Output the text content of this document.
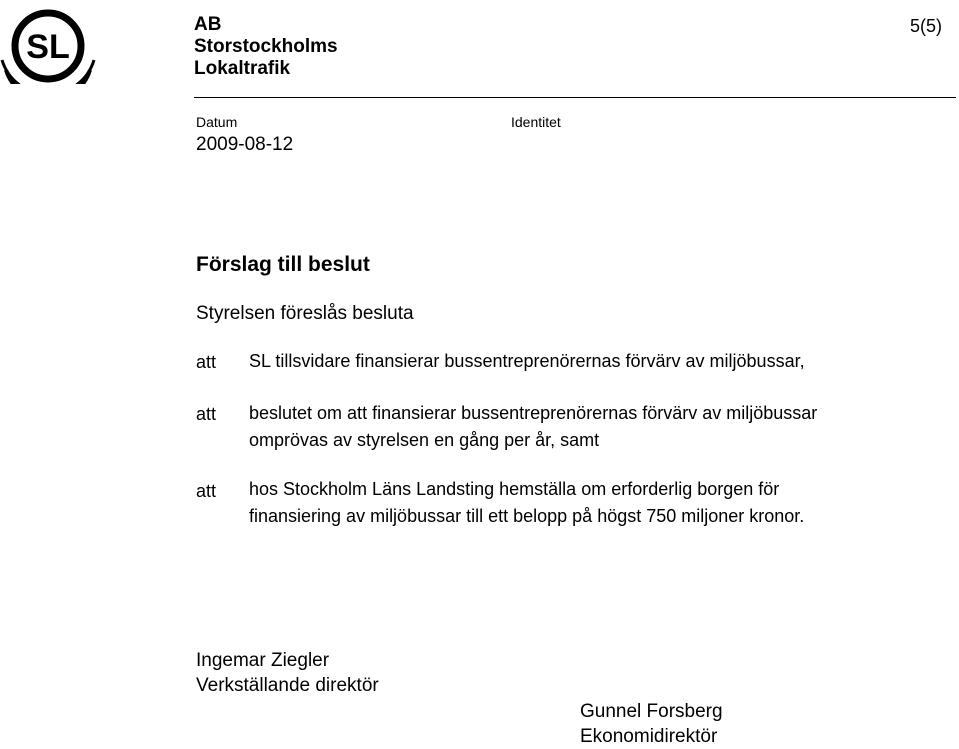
SL
AB
Storstockholms
Lokaltrafik
5(5)
Datum	Identitet
2009-08-12
Förslag till beslut
Styrelsen föreslås besluta
att SL tillsvidare finansierar bussentreprenörernas förvärv av miljöbussar,
att beslutet om att finansierar bussentreprenörernas förvärv av miljöbussar
omprövas av styrelsen en gång per år, samt
att hos Stockholm Läns Landsting hemställa om erforderlig borgen för
finansiering av miljöbussar till ett belopp på högst 750 miljoner kronor.
Ingemar Ziegler
Verkställande direktör
Gunnel Forsberg
Ekonomidirektör
